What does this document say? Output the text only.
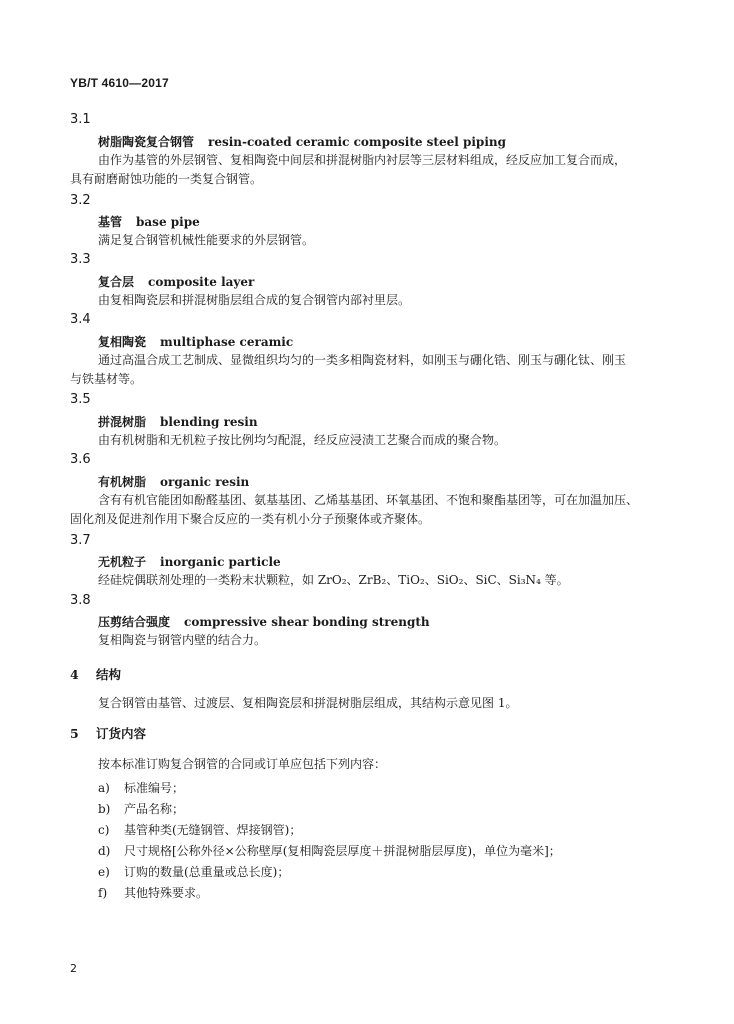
YB/T 4610—2017
3.1
树脂陶瓷复合钢管 resin-coated ceramic composite steel piping
由作为基管的外层钢管、复相陶瓷中间层和拼混树脂内衬层等三层材料组成，经反应加工复合而成，
具有耐磨耐蚀功能的一类复合钢管。
3.2
基管 base pipe
满足复合钢管机械性能要求的外层钢管。
3.3
复合层 composite layer
由复相陶瓷层和拼混树脂层组合成的复合钢管内部衬里层。
3.4
复相陶瓷 multiphase ceramic
通过高温合成工艺制成、显微组织均匀的一类多相陶瓷材料，如刚玉与硼化锆、刚玉与硼化钛、刚玉
与铁基材等。
3.5
拼混树脂 blending resin
由有机树脂和无机粒子按比例均匀配混，经反应浸渍工艺聚合而成的聚合物。
3.6
有机树脂 organic resin
含有有机官能团如酚醛基团、氨基基团、乙烯基基团、环氧基团、不饱和聚酯基团等，可在加温加压、
固化剂及促进剂作用下聚合反应的一类有机小分子预聚体或齐聚体。
3.7
无机粒子 inorganic particle
经硅烷偶联剂处理的一类粉末状颗粒，如 ZrO₂、ZrB₂、TiO₂、SiO₂、SiC、Si₃N₄ 等。
3.8
压剪结合强度 compressive shear bonding strength
复相陶瓷与钢管内壁的结合力。
4 结构
复合钢管由基管、过渡层、复相陶瓷层和拼混树脂层组成，其结构示意见图 1。
5 订货内容
按本标准订购复合钢管的合同或订单应包括下列内容：
a) 标准编号；
b) 产品名称；
c) 基管种类(无缝钢管、焊接钢管)；
d) 尺寸规格[公称外径×公称壁厚(复相陶瓷层厚度＋拼混树脂层厚度)，单位为毫米]；
e) 订购的数量(总重量或总长度)；
f) 其他特殊要求。
2
